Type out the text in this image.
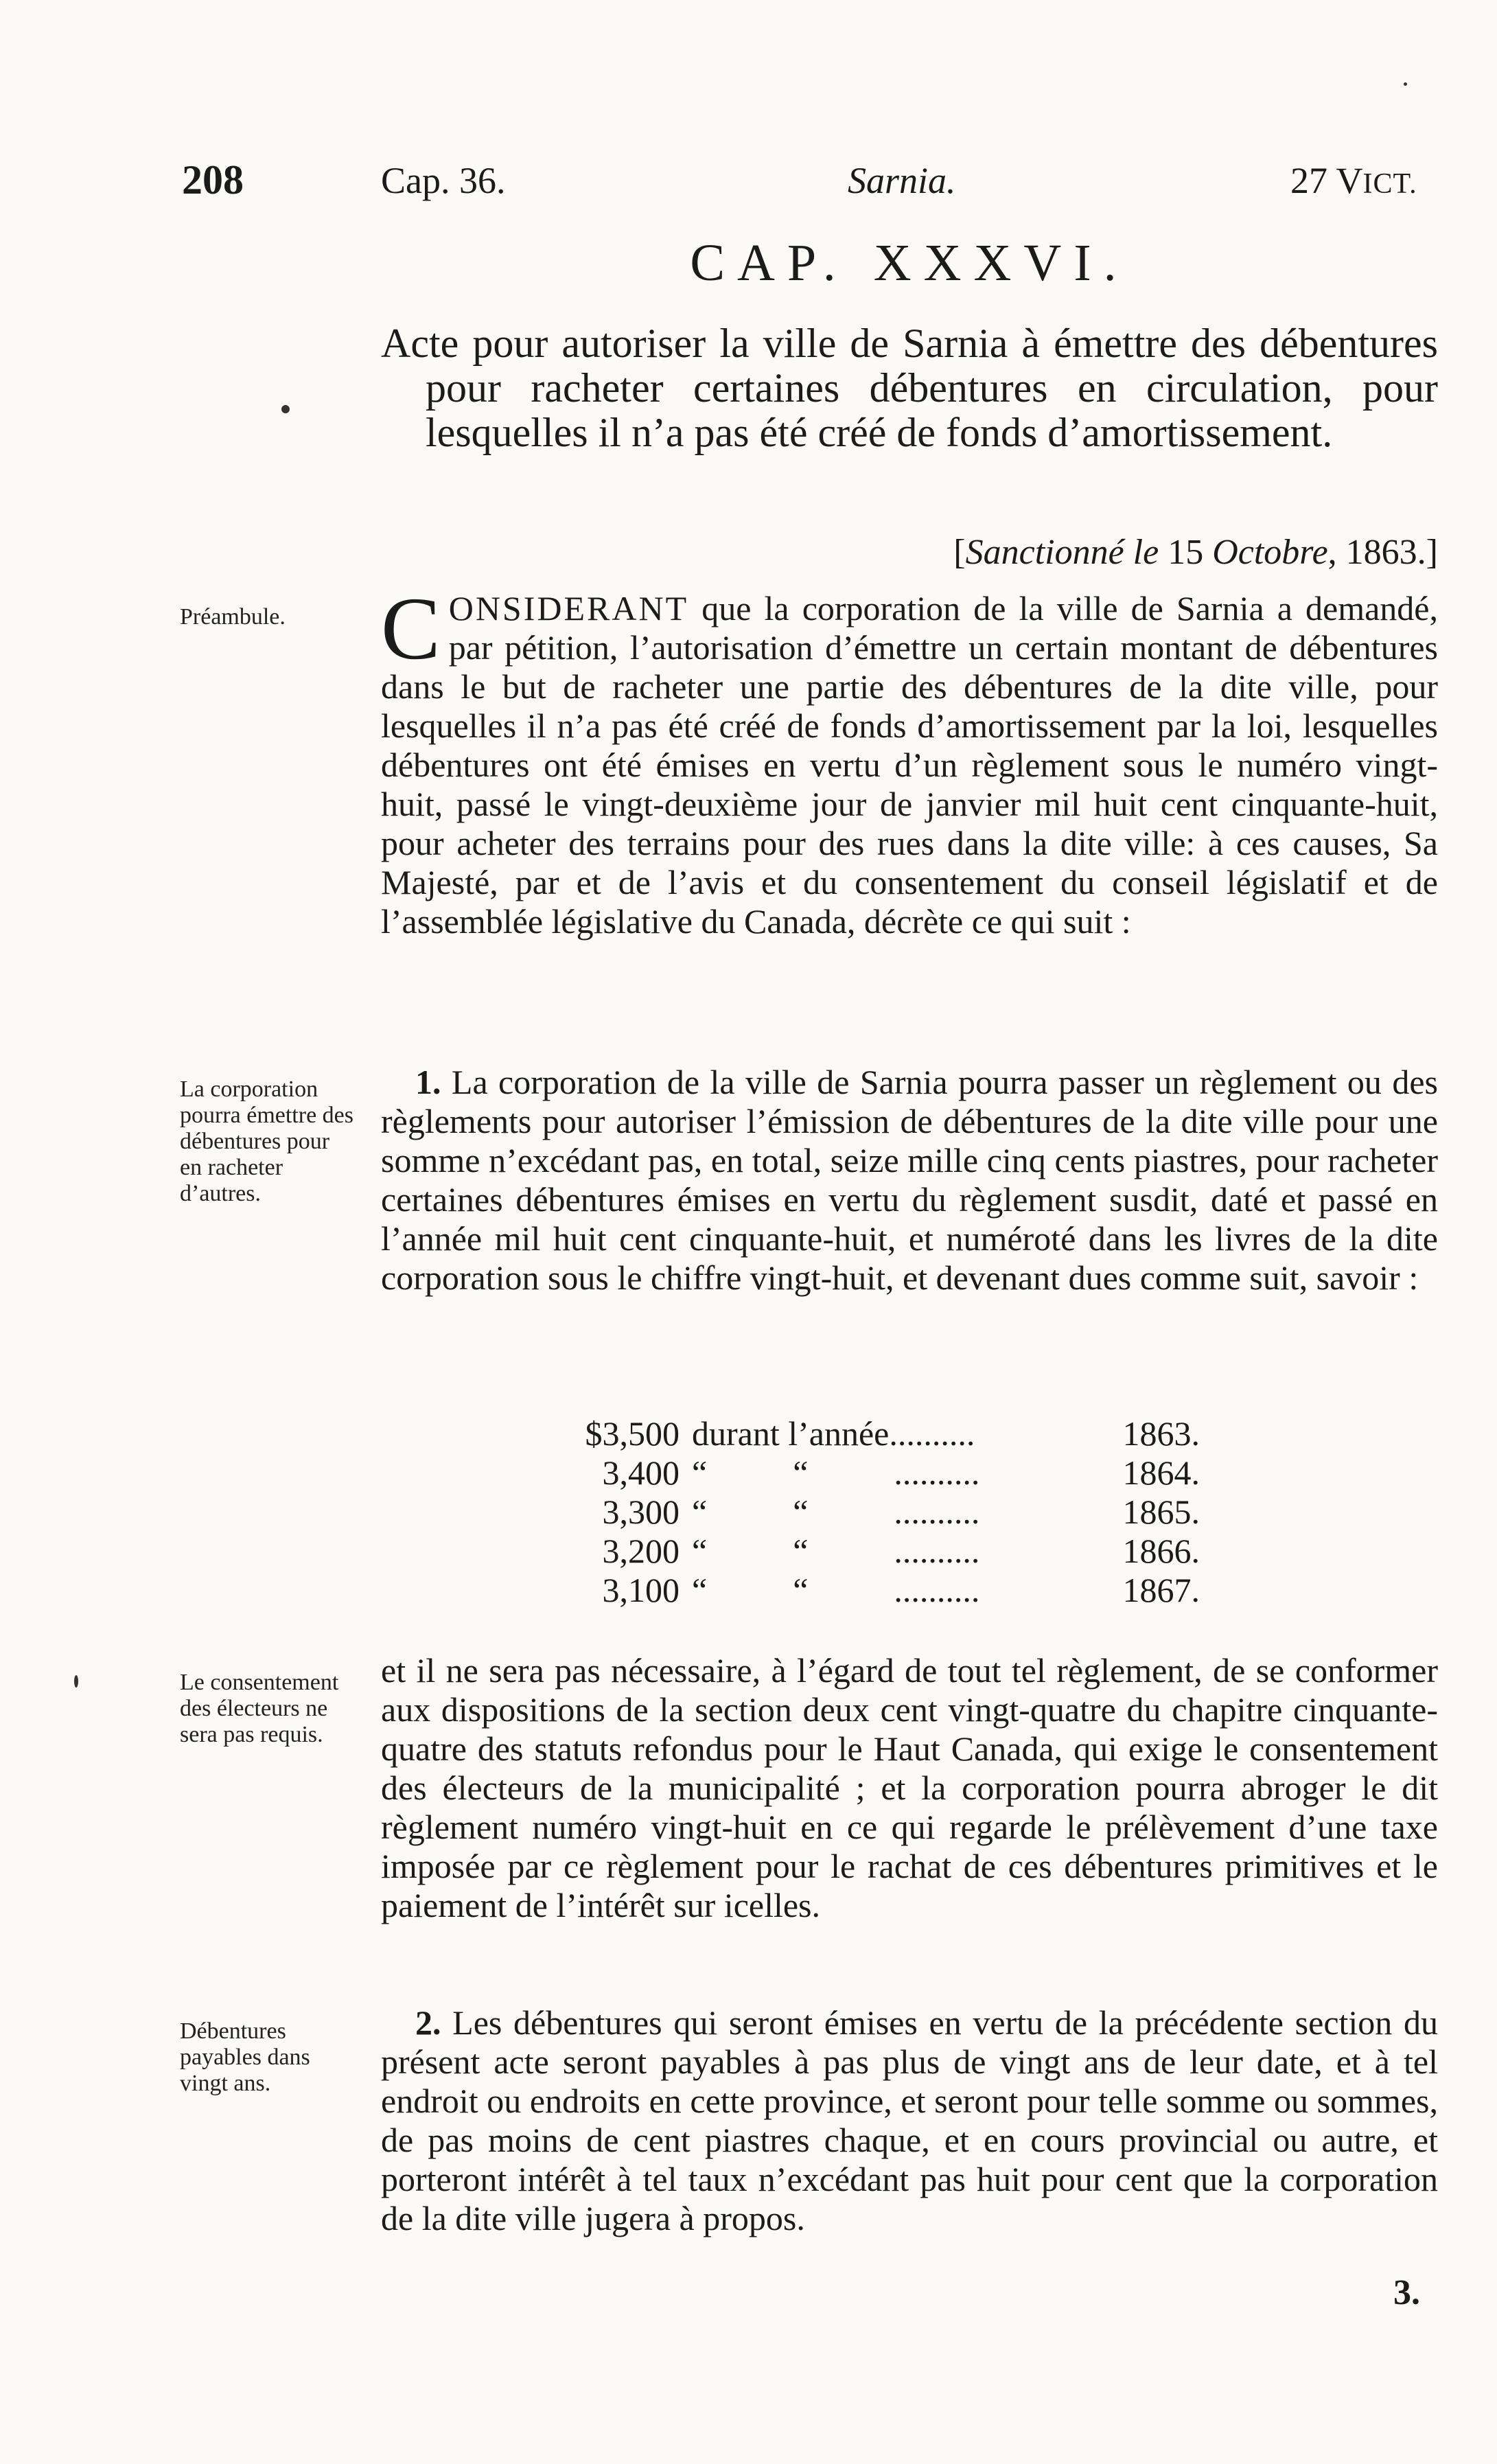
208	Cap. 36.	Sarnia.	27 VICT.
CAP. XXXVI.
Acte pour autoriser la ville de Sarnia à émettre des débentures pour racheter certaines débentures en circulation, pour lesquelles il n’a pas été créé de fonds d’amortissement.
[Sanctionné le 15 Octobre, 1863.]
Préambule.
La corporation pourra émettre des débentures pour en racheter d’autres.
Le consentement des électeurs ne sera pas requis.
Débentures payables dans vingt ans.
CONSIDERANT que la corporation de la ville de Sarnia a demandé, par pétition, l’autorisation d’émettre un certain montant de débentures dans le but de racheter une partie des débentures de la dite ville, pour lesquelles il n’a pas été créé de fonds d’amortissement par la loi, lesquelles débentures ont été émises en vertu d’un règlement sous le numéro vingt-huit, passé le vingt-deuxième jour de janvier mil huit cent cinquante-huit, pour acheter des terrains pour des rues dans la dite ville: à ces causes, Sa Majesté, par et de l’avis et du consentement du conseil législatif et de l’assemblée législative du Canada, décrète ce qui suit :
1. La corporation de la ville de Sarnia pourra passer un règlement ou des règlements pour autoriser l’émission de débentures de la dite ville pour une somme n’excédant pas, en total, seize mille cinq cents piastres, pour racheter certaines débentures émises en vertu du règlement susdit, daté et passé en l’année mil huit cent cinquante-huit, et numéroté dans les livres de la dite corporation sous le chiffre vingt-huit, et devenant dues comme suit, savoir :
$3,500	durant l’année..........	1863.
3,400	“          “          ..........	1864.
3,300	“          “          ..........	1865.
3,200	“          “          ..........	1866.
3,100	“          “          ..........	1867.
et il ne sera pas nécessaire, à l’égard de tout tel règlement, de se conformer aux dispositions de la section deux cent vingt-quatre du chapitre cinquante-quatre des statuts refondus pour le Haut Canada, qui exige le consentement des électeurs de la municipalité ; et la corporation pourra abroger le dit règlement numéro vingt-huit en ce qui regarde le prélèvement d’une taxe imposée par ce règlement pour le rachat de ces débentures primitives et le paiement de l’intérêt sur icelles.
2. Les débentures qui seront émises en vertu de la précédente section du présent acte seront payables à pas plus de vingt ans de leur date, et à tel endroit ou endroits en cette province, et seront pour telle somme ou sommes, de pas moins de cent piastres chaque, et en cours provincial ou autre, et porteront intérêt à tel taux n’excédant pas huit pour cent que la corporation de la dite ville jugera à propos.
3.
